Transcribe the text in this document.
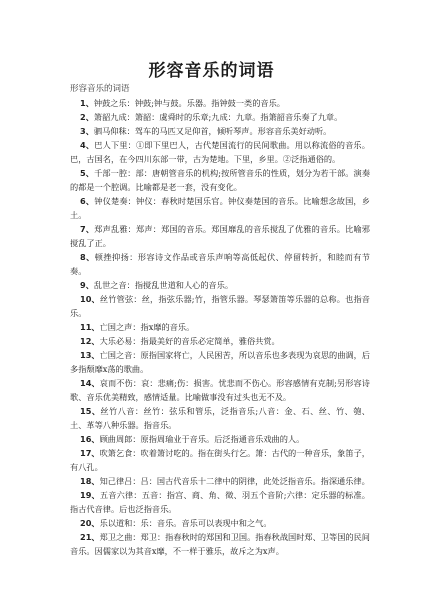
形容音乐的词语
形容音乐的词语

1、钟鼓之乐：钟鼓;钟与鼓。乐器。指钟鼓一类的音乐。

2、箫韶九成：箫韶：虞舜时的乐章;九成：九章。指箫韶音乐奏了九章。

3、驷马仰秣：驾车的马匹又足仰首，倾听琴声。形容音乐美好动听。

4、巴人下里：①即下里巴人，古代楚国流行的民间歌曲。用以称流俗的音乐。巴，古国名，在今四川东部一带，古为楚地。下里，乡里。②泛指通俗的。

5、千部一腔：部：唐朝管音乐的机构;按所管音乐的性质，划分为若干部。演奏的都是一个腔调。比喻都是老一套，没有变化。

6、钟仪楚奏：钟仪：春秋时楚国乐官。钟仪奏楚国的音乐。比喻想念故国，乡土。

7、郑声乱雅：郑声：郑国的音乐。郑国靡乱的音乐搅乱了优雅的音乐。比喻邪搅乱了正。

8、顿挫抑扬：形容诗文作品或音乐声响等高低起伏、停留转折，和睦而有节奏。

9、乱世之音：指搅乱世道和人心的音乐。

10、丝竹管弦：丝，指弦乐器;竹，指管乐器。琴瑟箫笛等乐器的总称。也指音乐。

11、亡国之声：指x靡的音乐。

12、大乐必易：指最美好的音乐必定简单，雅俗共赏。

13、亡国之音：原指国家将亡，人民困苦，所以音乐也多表现为哀思的曲调，后多指颓靡x荡的歌曲。

14、哀而不伤：哀：悲痛;伤：损害。忧悲而不伤心。形容感情有克制;另形容诗歌、音乐优美精致，感情适量。比喻做事没有过头也无不及。

15、丝竹八音：丝竹：弦乐和管乐，泛指音乐;八音：金、石、丝、竹、匏、土、革等八种乐器。指音乐。

16、顾曲周郎：原指周瑜业于音乐。后泛指通音乐戏曲的人。

17、吹箫乞食：吹着箫讨吃的。指在街头行乞。箫：古代的一种音乐，象笛子，有八孔。

18、知己律吕：吕：国古代音乐十二律中的阴律，此处泛指音乐。指深通乐律。

19、五音六律：五音：指宫、商、角、徵、羽五个音阶;六律：定乐器的标准。指古代音律。后也泛指音乐。

20、乐以道和：乐：音乐。音乐可以表现中和之气。

21、郑卫之曲：郑卫：指春秋时的郑国和卫国。指春秋战国时郑、卫等国的民间音乐。因儒家以为其音x靡，不一样于雅乐，故斥之为x声。
